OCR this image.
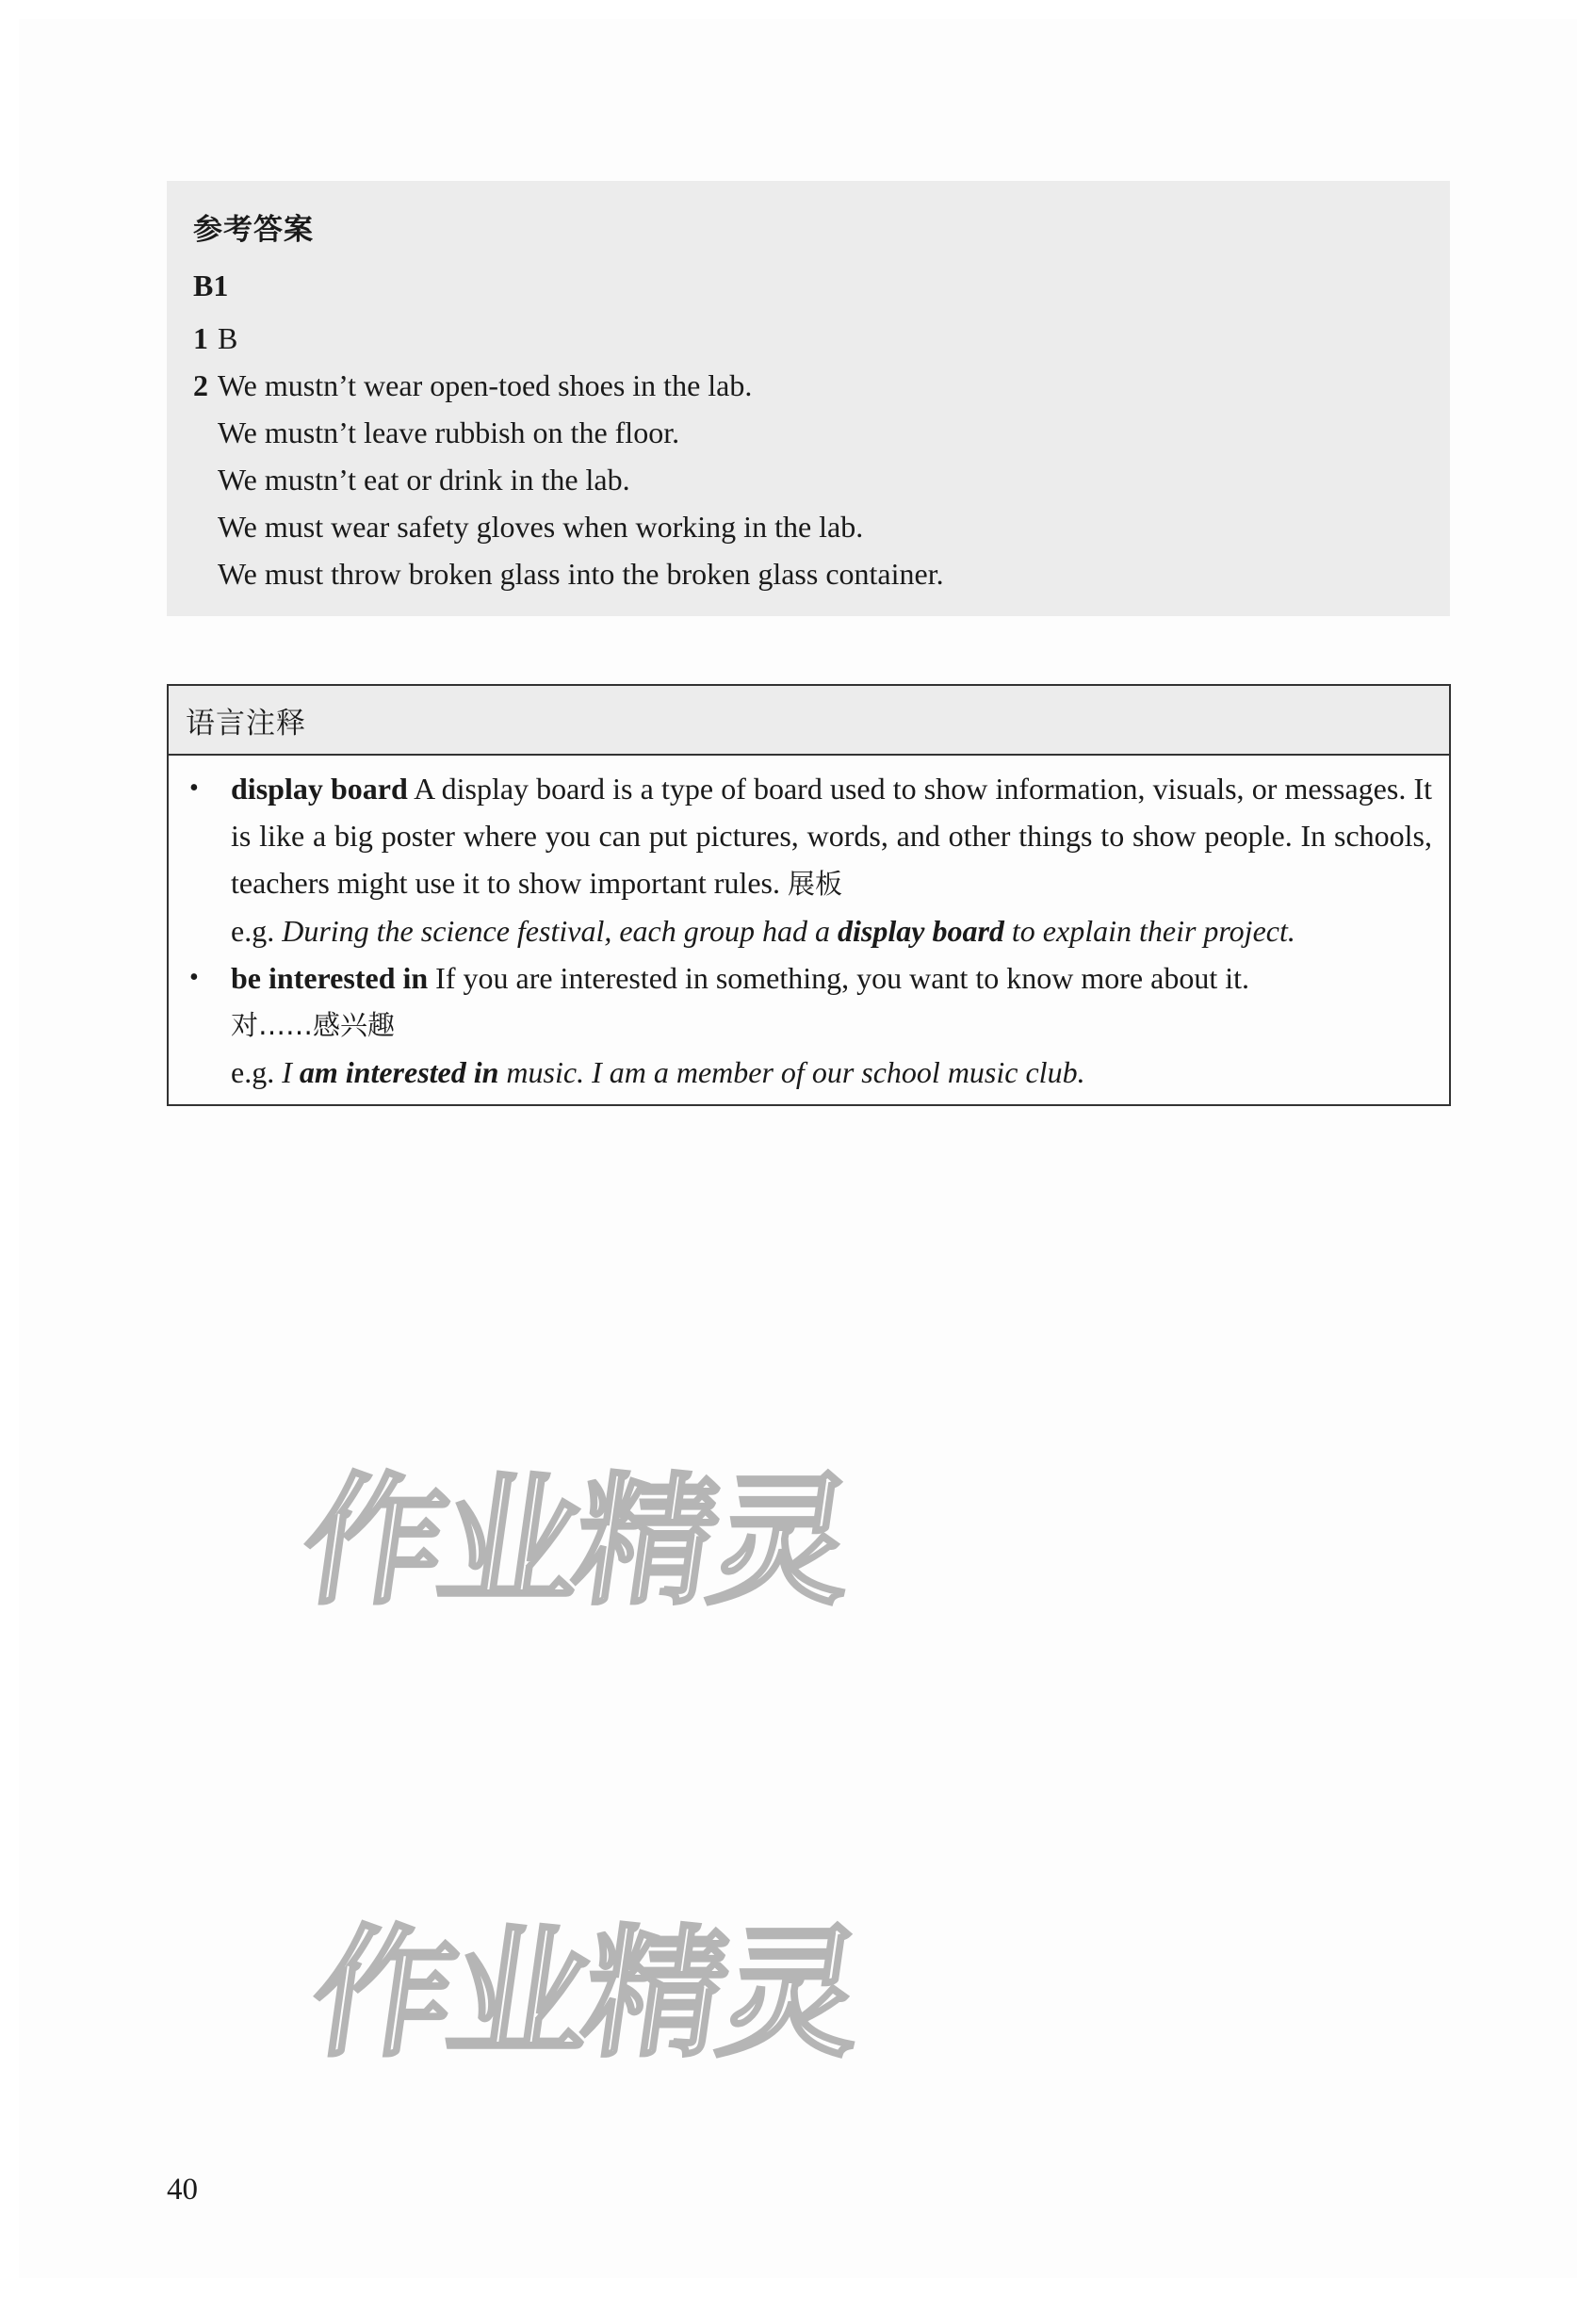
参考答案
B1
1 B
2 We mustn’t wear open-toed shoes in the lab.
We mustn’t leave rubbish on the floor.
We mustn’t eat or drink in the lab.
We must wear safety gloves when working in the lab.
We must throw broken glass into the broken glass container.
语言注释
• display board A display board is a type of board used to show information, visuals, or messages. It is like a big poster where you can put pictures, words, and other things to show people. In schools, teachers might use it to show important rules. 展板
e.g. During the science festival, each group had a display board to explain their project.
• be interested in If you are interested in something, you want to know more about it.
对……感兴趣
e.g. I am interested in music. I am a member of our school music club.
作业精灵
作业精灵
40
